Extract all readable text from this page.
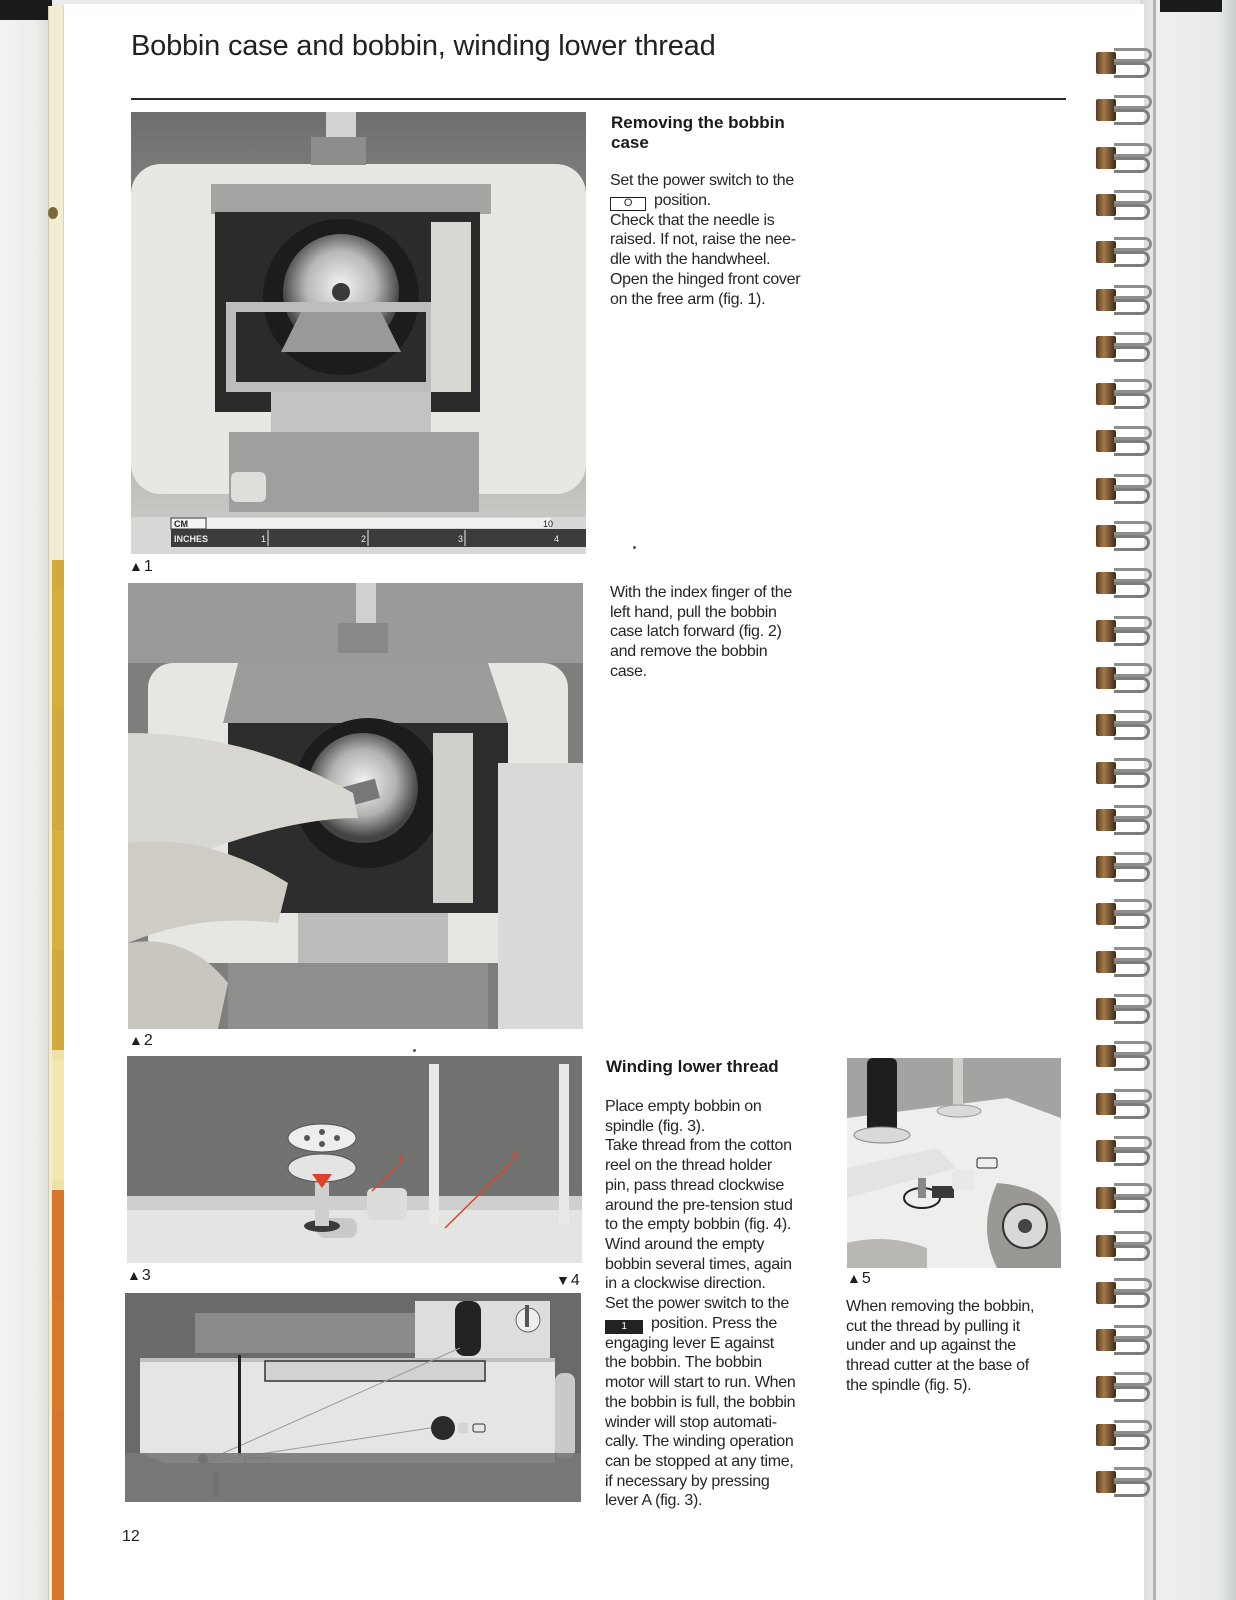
Bobbin case and bobbin, winding lower thread
CM
INCHES	1	2	3	4
10
▲1
▲2
E	A
▲3	▼4	▲5
Removing the bobbin case

Set the power switch to the

O position.

Check that the needle is

raised. If not, raise the nee-

dle with the handwheel.

Open the hinged front cover

on the free arm (fig. 1).

With the index finger of the

left hand, pull the bobbin

case latch forward (fig. 2)

and remove the bobbin

case.

Winding lower thread

Place empty bobbin on

spindle (fig. 3).

Take thread from the cotton

reel on the thread holder

pin, pass thread clockwise

around the pre-tension stud

to the empty bobbin (fig. 4).

Wind around the empty

bobbin several times, again

in a clockwise direction.

Set the power switch to the

1 position. Press the

engaging lever E against

the bobbin. The bobbin

motor will start to run. When

the bobbin is full, the bobbin

winder will stop automati-

cally. The winding operation

can be stopped at any time,

if necessary by pressing

lever A (fig. 3).

When removing the bobbin,

cut the thread by pulling it

under and up against the

thread cutter at the base of

the spindle (fig. 5).

12
